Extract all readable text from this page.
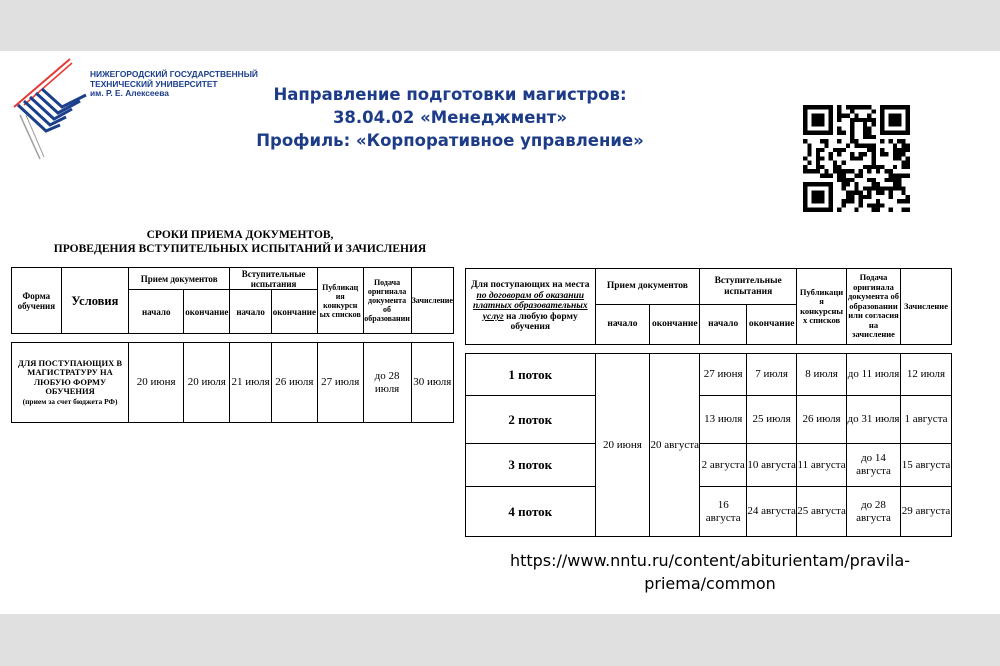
НИЖЕГОРОДСКИЙ ГОСУДАРСТВЕННЫЙ
ТЕХНИЧЕСКИЙ УНИВЕРСИТЕТ
им. Р. Е. Алексеева	Направление подготовки магистров:
38.04.02 «Менеджмент»
Профиль: «Корпоративное управление»
СРОКИ ПРИЕМА ДОКУМЕНТОВ,
ПРОВЕДЕНИЯ ВСТУПИТЕЛЬНЫХ ИСПЫТАНИЙ И ЗАЧИСЛЕНИЯ
Форма обучения	Условия	Прием документов		Вступительные испытания		Публикац ия конкурсн ых списков	Подача оригинала документа об образовании	Зачисление
		начало	окончание	начало	окончание			

ДЛЯ ПОСТУПАЮЩИХ В МАГИСТРАТУРУ НА ЛЮБУЮ ФОРМУ ОБУЧЕНИЯ
(прием за счет бюджета РФ)		20 июня	20 июля	21 июля	26 июля	27 июля	до 28 июля	30 июля
Для поступающих на места по договорам об оказании платных образовательных услуг на любую форму обучения	Прием документов		Вступительные испытания		Публикаци я конкурсны х списков	Подача оригинала документа об образовании или согласия на зачисление	Зачисление
	начало	окончание	начало	окончание			

1 поток	20 июня	20 августа	27 июня	7 июля	8 июля	до 11 июля	12 июля
2 поток			13 июля	25 июля	26 июля	до 31 июля	1 августа
3 поток			2 августа	10 августа	11 августа	до 14 августа	15 августа
4 поток			16 августа	24 августа	25 августа	до 28 августа	29 августа
https://www.nntu.ru/content/abiturientam/pravila-
priema/common
